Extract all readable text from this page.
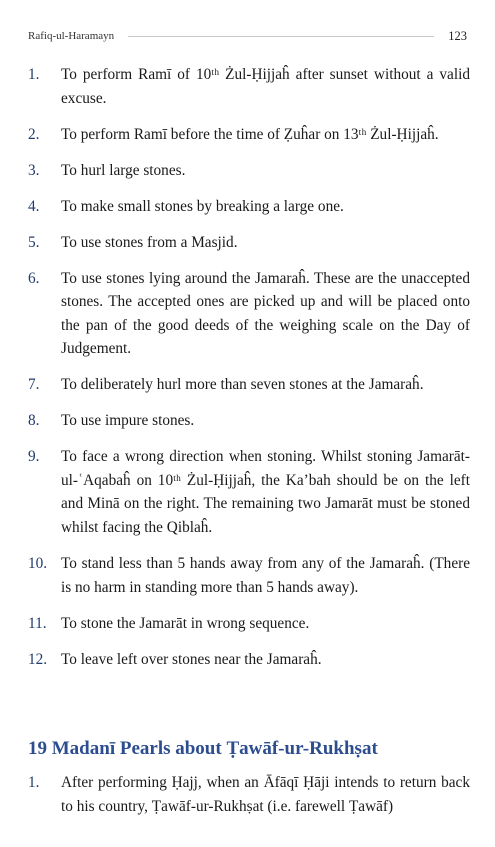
Rafiq-ul-Haramayn	123
1.	To perform Ramī of 10ᵗʰ Żul-Ḥijjaĥ after sunset without a valid excuse.
2.	To perform Ramī before the time of Ẓuĥar on 13ᵗʰ Żul-Ḥijjaĥ.
3.	To hurl large stones.
4.	To make small stones by breaking a large one.
5.	To use stones from a Masjid.
6.	To use stones lying around the Jamaraĥ. These are the unaccepted stones. The accepted ones are picked up and will be placed onto the pan of the good deeds of the weighing scale on the Day of Judgement.
7.	To deliberately hurl more than seven stones at the Jamaraĥ.
8.	To use impure stones.
9.	To face a wrong direction when stoning. Whilst stoning Jamarāt-ul-ʿAqabaĥ on 10ᵗʰ Żul-Ḥijjaĥ, the Ka’bah should be on the left and Minā on the right. The remaining two Jamarāt must be stoned whilst facing the Qiblaĥ.
10. To stand less than 5 hands away from any of the Jamaraĥ. (There is no harm in standing more than 5 hands away).
11. To stone the Jamarāt in wrong sequence.
12. To leave left over stones near the Jamaraĥ.
19 Madanī Pearls about Ṭawāf-ur-Rukhṣat
1.	After performing Ḥajj, when an Āfāqī Ḥāji intends to return back to his country, Ṭawāf-ur-Rukhṣat (i.e. farewell Ṭawāf)
